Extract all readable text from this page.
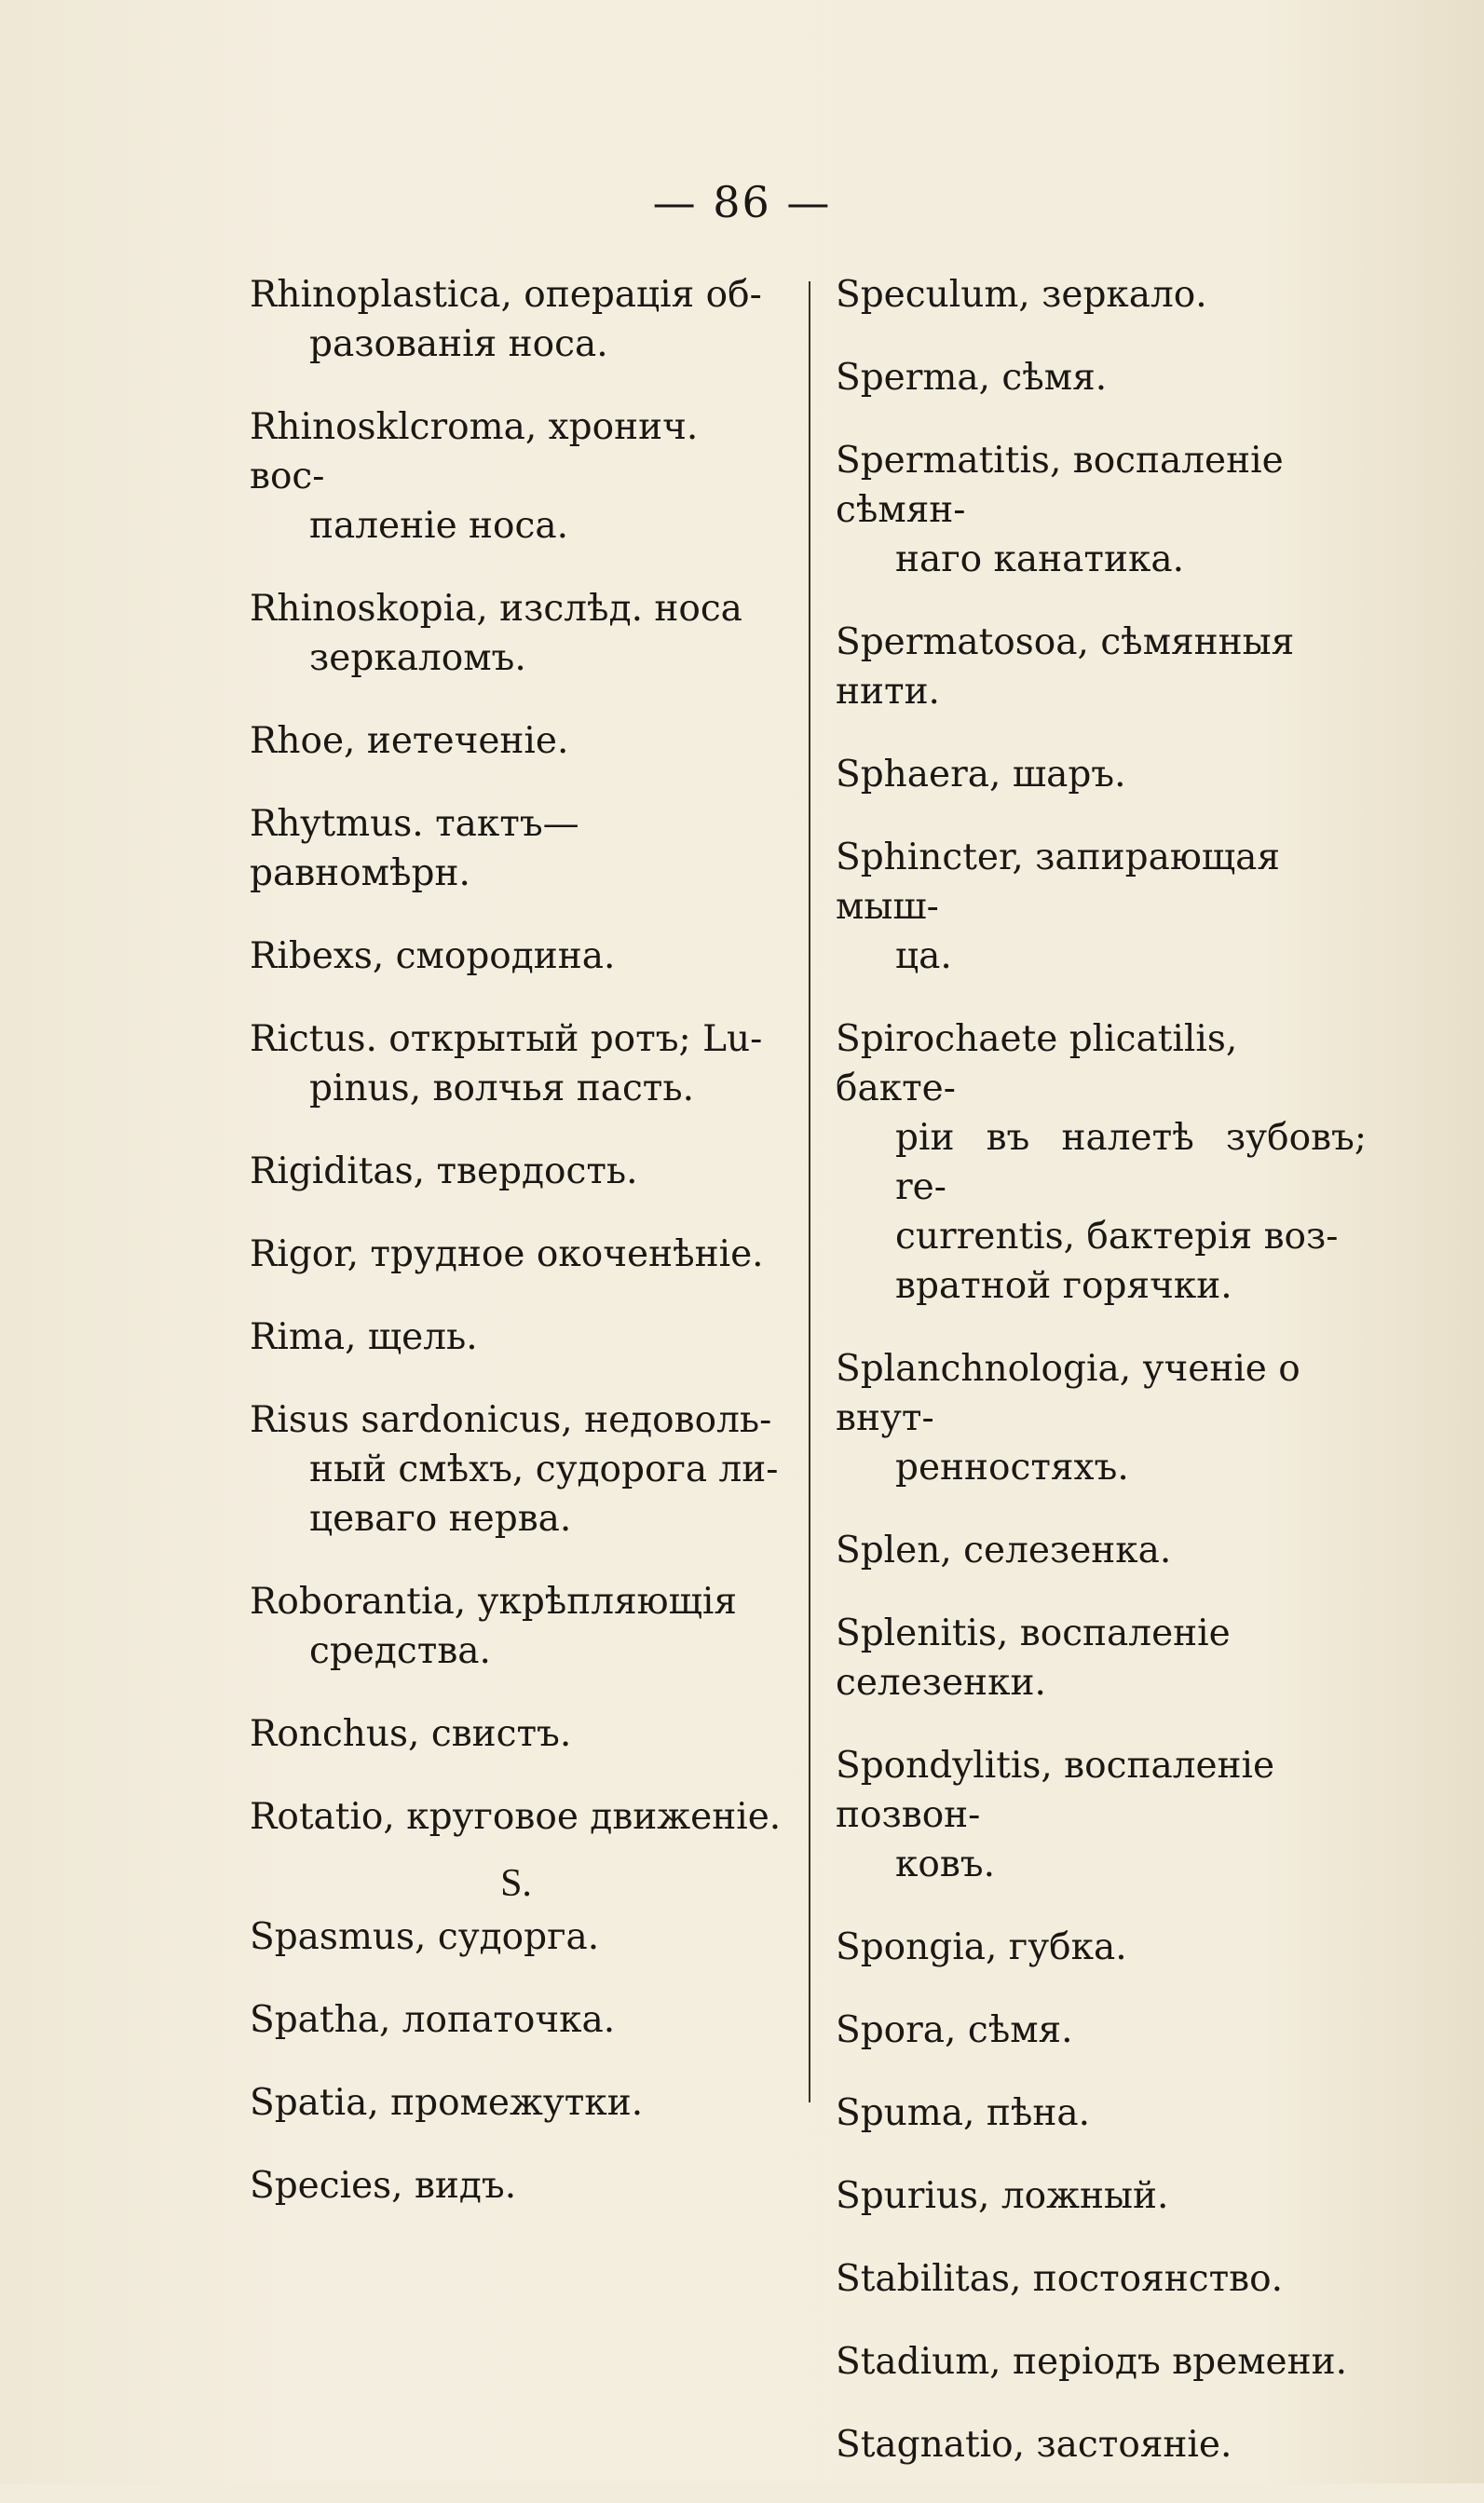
— 86 —
Rhinoplastica, операція об-
разованія носа.
Rhinosklcroma, хронич. вос-
паленіе носа.
Rhinoskopia, изслѣд. носа
зеркаломъ.
Rhoe, иетеченіе.
Rhytmus. тактъ—равномѣрн.
Ribexs, смородина.
Rictus. открытый ротъ; Lu-
pinus, волчья пасть.
Rigiditas, твердость.
Rigor, трудное окоченѣніе.
Rima, щель.
Risus sardonicus, недоволь-
ный смѣхъ, судорога ли-
цеваго нерва.
Roborantia, укрѣпляющія
средства.
Ronchus, свистъ.
Rotatio, круговое движеніе.
S.
Spasmus, судорга.
Spatha, лопаточка.
Spatia, промежутки.
Species, видъ.
Speculum, зеркало.
Sperma, сѣмя.
Spermatitis, воспаленіе сѣмян-
наго канатика.
Spermatosoa, сѣмянныя нити.
Sphaera, шаръ.
Sphincter, запирающая мыш-
ца.
Spirochaete plicatilis, бакте-
ріи въ налетѣ зубовъ; re-
currentis, бактерія воз-
вратной горячки.
Splanchnologia, ученіе о внут-
ренностяхъ.
Splen, селезенка.
Splenitis, воспаленіе селезенки.
Spondylitis, воспаленіе позвон-
ковъ.
Spongia, губка.
Spora, сѣмя.
Spuma, пѣна.
Spurius, ложный.
Stabilitas, постоянство.
Stadium, періодъ времени.
Stagnatio, застояніе.
